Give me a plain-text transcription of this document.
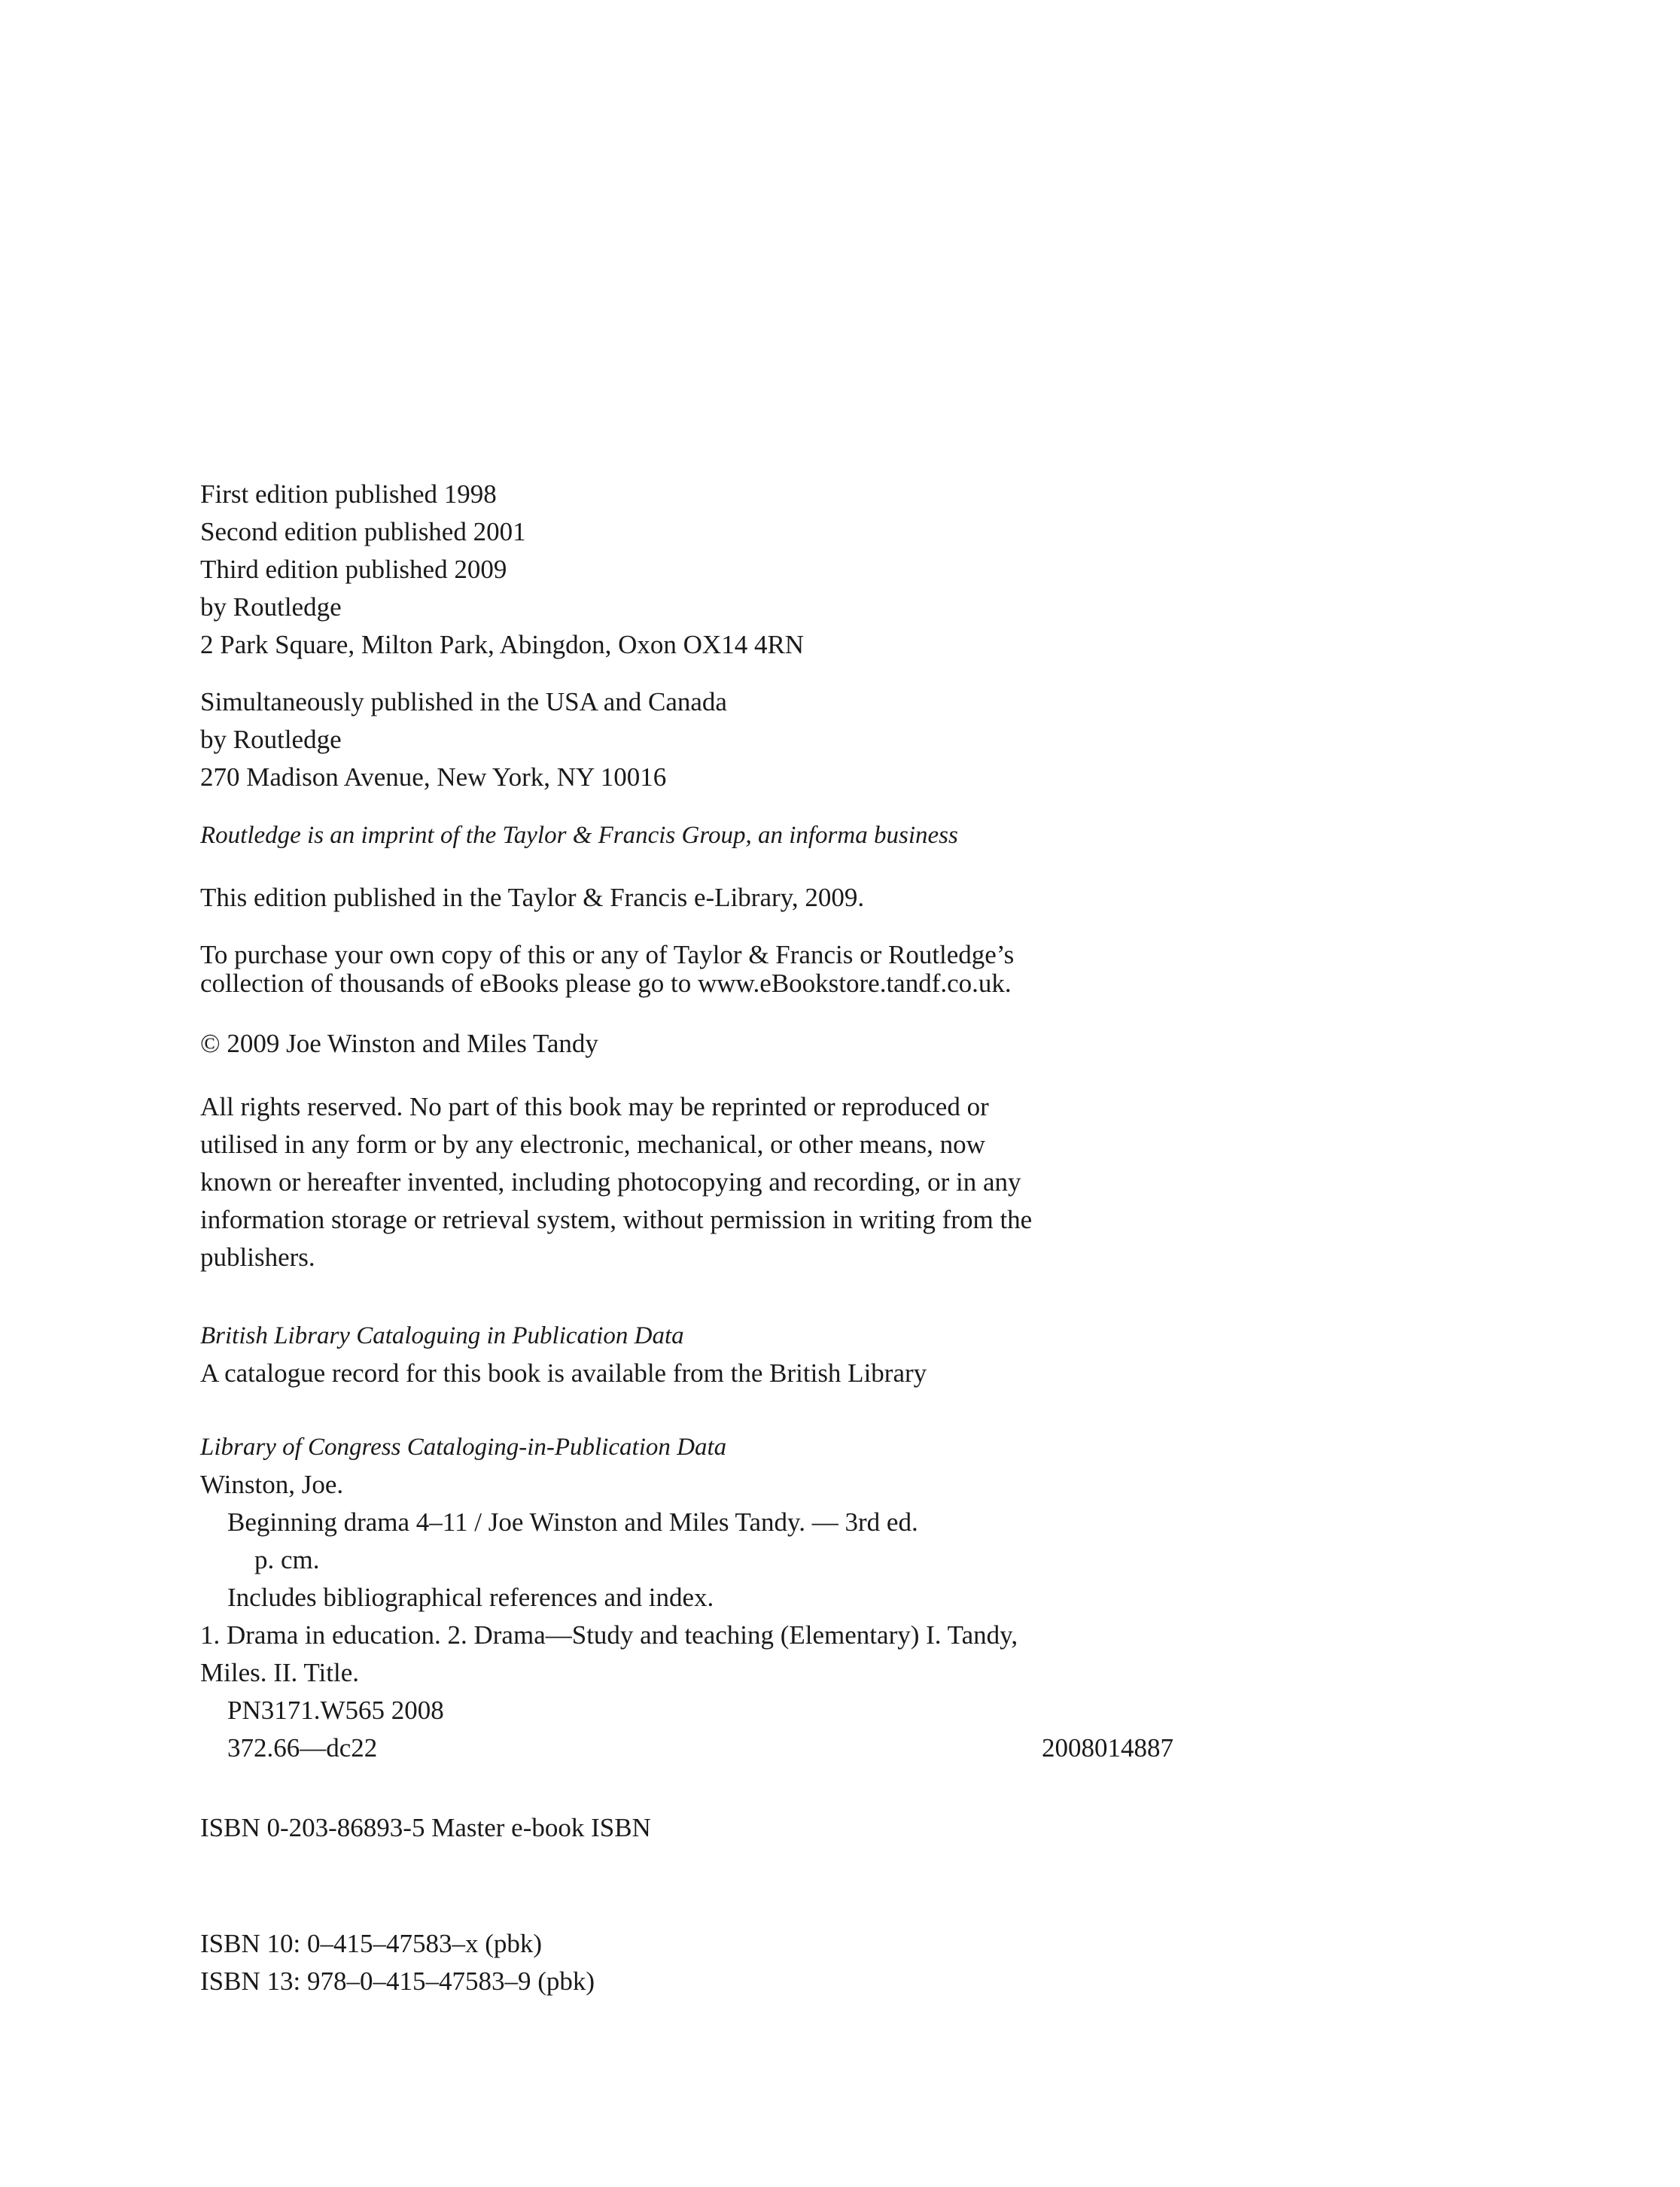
First edition published 1998
Second edition published 2001
Third edition published 2009
by Routledge
2 Park Square, Milton Park, Abingdon, Oxon OX14 4RN
Simultaneously published in the USA and Canada
by Routledge
270 Madison Avenue, New York, NY 10016
Routledge is an imprint of the Taylor & Francis Group, an informa business
This edition published in the Taylor & Francis e-Library, 2009.
To purchase your own copy of this or any of Taylor & Francis or Routledge’s
collection of thousands of eBooks please go to www.eBookstore.tandf.co.uk.
© 2009 Joe Winston and Miles Tandy
All rights reserved. No part of this book may be reprinted or reproduced or
utilised in any form or by any electronic, mechanical, or other means, now
known or hereafter invented, including photocopying and recording, or in any
information storage or retrieval system, without permission in writing from the
publishers.
British Library Cataloguing in Publication Data
A catalogue record for this book is available from the British Library
Library of Congress Cataloging-in-Publication Data
Winston, Joe.
Beginning drama 4–11 / Joe Winston and Miles Tandy. — 3rd ed.
p. cm.
Includes bibliographical references and index.
1. Drama in education. 2. Drama—Study and teaching (Elementary) I. Tandy,
Miles. II. Title.
PN3171.W565 2008
372.66—dc22	2008014887
ISBN 0-203-86893-5 Master e-book ISBN
ISBN 10: 0–415–47583–x (pbk)
ISBN 13: 978–0–415–47583–9 (pbk)
